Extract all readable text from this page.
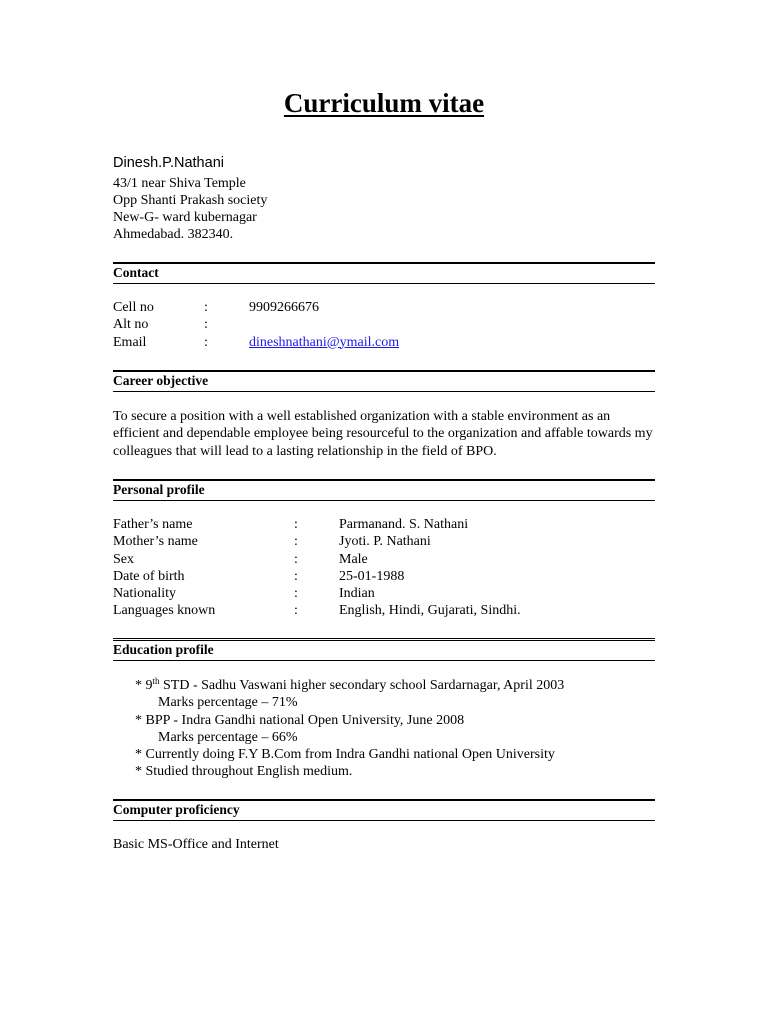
Curriculum vitae
Dinesh.P.Nathani
43/1 near Shiva Temple
Opp Shanti Prakash society
New-G- ward kubernagar
Ahmedabad. 382340.
Contact
Cell no	:	9909266676
Alt no	:
Email	:	dineshnathani@ymail.com
Career objective
To secure a position with a well established organization with a stable environment as an efficient and dependable employee being resourceful to the organization and affable towards my colleagues that will lead to a lasting relationship in the field of BPO.
Personal profile
Father’s name	:	Parmanand. S. Nathani
Mother’s name	:	Jyoti. P. Nathani
Sex	:	Male
Date of birth	:	25-01-1988
Nationality	:	Indian
Languages known	:	English, Hindi, Gujarati, Sindhi.
Education profile
* 9th STD - Sadhu Vaswani higher secondary school Sardarnagar, April 2003
Marks percentage – 71%
* BPP - Indra Gandhi national Open University, June 2008
Marks percentage – 66%
* Currently doing F.Y B.Com from Indra Gandhi national Open University
* Studied throughout English medium.
Computer proficiency
Basic MS-Office and Internet
